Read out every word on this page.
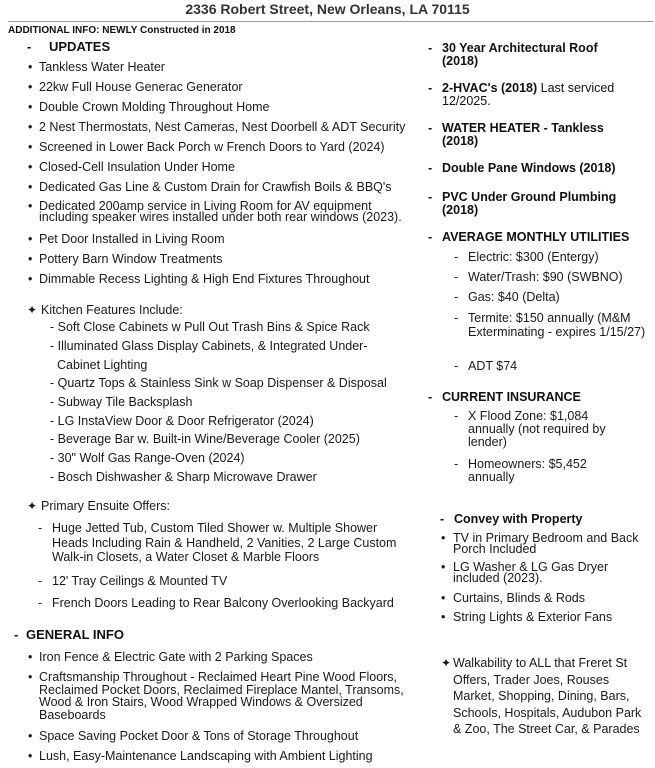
2336 Robert Street, New Orleans, LA 70115
ADDITIONAL INFO: NEWLY Constructed in 2018
- UPDATES
• Tankless Water Heater
• 22kw Full House Generac Generator
• Double Crown Molding Throughout Home
• 2 Nest Thermostats, Nest Cameras, Nest Doorbell & ADT Security
• Screened in Lower Back Porch w French Doors to Yard (2024)
• Closed-Cell Insulation Under Home
• Dedicated Gas Line & Custom Drain for Crawfish Boils & BBQ's
• Dedicated 200amp service in Living Room for AV equipment including speaker wires installed under both rear windows (2023).
• Pet Door Installed in Living Room
• Pottery Barn Window Treatments
• Dimmable Recess Lighting & High End Fixtures Throughout
✦ Kitchen Features Include:
- Soft Close Cabinets w Pull Out Trash Bins & Spice Rack
- Illuminated Glass Display Cabinets, & Integrated Under-
Cabinet Lighting
- Quartz Tops & Stainless Sink w Soap Dispenser & Disposal
- Subway Tile Backsplash
- LG InstaView Door & Door Refrigerator (2024)
- Beverage Bar w. Built-in Wine/Beverage Cooler (2025)
- 30" Wolf Gas Range-Oven (2024)
- Bosch Dishwasher & Sharp Microwave Drawer
✦ Primary Ensuite Offers:
- Huge Jetted Tub, Custom Tiled Shower w. Multiple Shower Heads Including Rain & Handheld, 2 Vanities, 2 Large Custom Walk-in Closets, a Water Closet & Marble Floors
- 12' Tray Ceilings & Mounted TV
- French Doors Leading to Rear Balcony Overlooking Backyard
- GENERAL INFO
• Iron Fence & Electric Gate with 2 Parking Spaces
• Craftsmanship Throughout - Reclaimed Heart Pine Wood Floors, Reclaimed Pocket Doors, Reclaimed Fireplace Mantel, Transoms, Wood & Iron Stairs, Wood Wrapped Windows & Oversized Baseboards
• Space Saving Pocket Door & Tons of Storage Throughout
• Lush, Easy-Maintenance Landscaping with Ambient Lighting
- 30 Year Architectural Roof (2018)
- 2-HVAC's (2018) Last serviced 12/2025.
- WATER HEATER - Tankless (2018)
- Double Pane Windows (2018)
- PVC Under Ground Plumbing (2018)
- AVERAGE MONTHLY UTILITIES
- Electric: $300 (Entergy)
- Water/Trash: $90 (SWBNO)
- Gas: $40 (Delta)
- Termite: $150 annually (M&M Exterminating - expires 1/15/27)
- ADT $74
- CURRENT INSURANCE
- X Flood Zone: $1,084 annually (not required by lender)
- Homeowners: $5,452 annually
- Convey with Property
• TV in Primary Bedroom and Back Porch Included
• LG Washer & LG Gas Dryer included (2023).
• Curtains, Blinds & Rods
• String Lights & Exterior Fans
✦ Walkability to ALL that Freret St Offers, Trader Joes, Rouses Market, Shopping, Dining, Bars, Schools, Hospitals, Audubon Park & Zoo, The Street Car, & Parades
